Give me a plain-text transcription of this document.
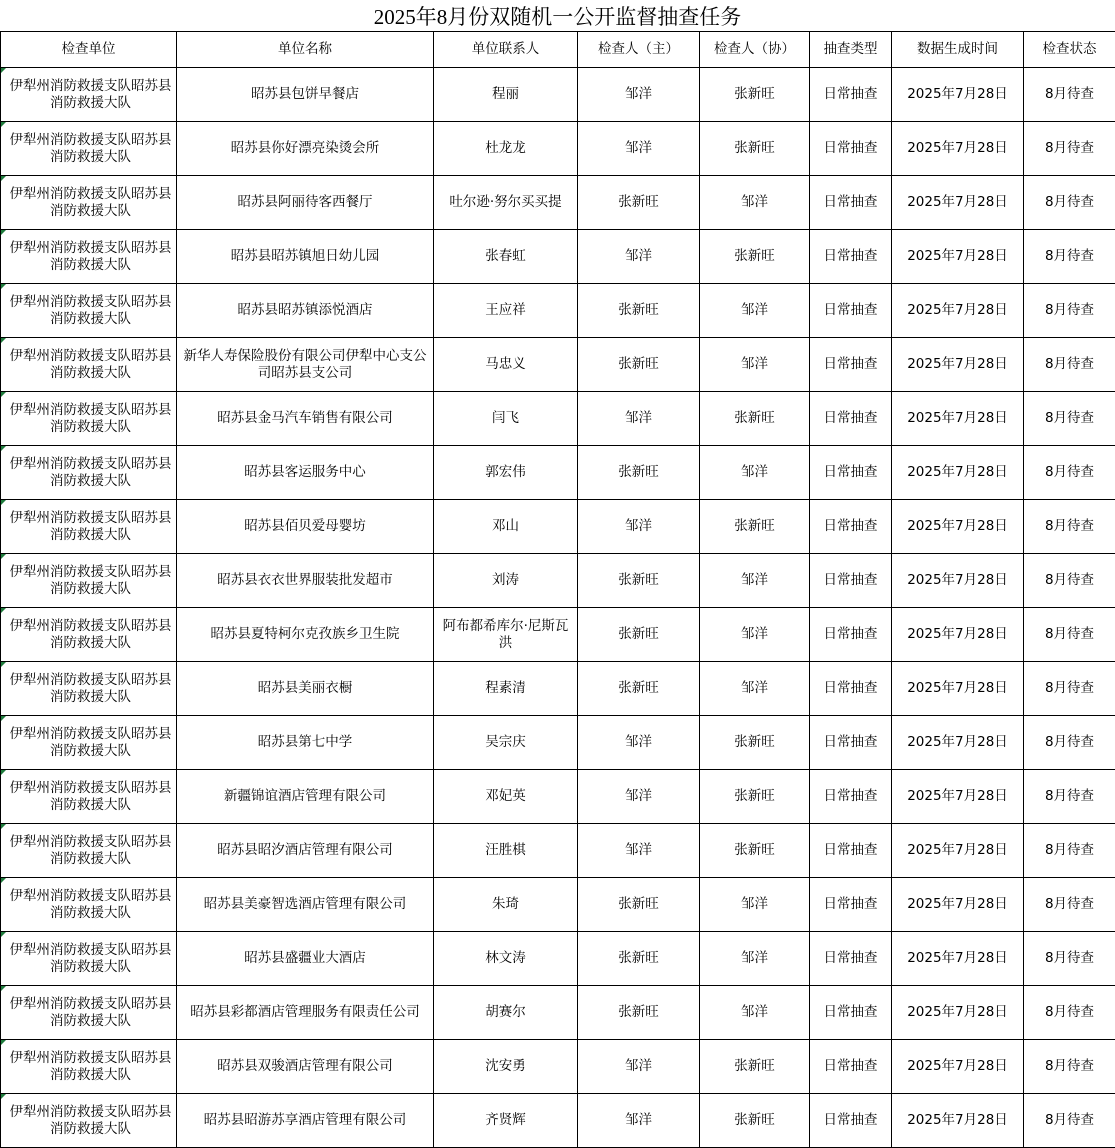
2025年8月份双随机一公开监督抽查任务
检查单位	单位名称	单位联系人	检查人（主）	检查人（协）	抽查类型	数据生成时间	检查状态
伊犁州消防救援支队昭苏县消防救援大队	昭苏县包饼早餐店	程丽	邹洋	张新旺	日常抽查	2025年7月28日	8月待查
伊犁州消防救援支队昭苏县消防救援大队	昭苏县你好漂亮染烫会所	杜龙龙	邹洋	张新旺	日常抽查	2025年7月28日	8月待查
伊犁州消防救援支队昭苏县消防救援大队	昭苏县阿丽待客西餐厅	吐尔逊·努尔买买提	张新旺	邹洋	日常抽查	2025年7月28日	8月待查
伊犁州消防救援支队昭苏县消防救援大队	昭苏县昭苏镇旭日幼儿园	张春虹	邹洋	张新旺	日常抽查	2025年7月28日	8月待查
伊犁州消防救援支队昭苏县消防救援大队	昭苏县昭苏镇添悦酒店	王应祥	张新旺	邹洋	日常抽查	2025年7月28日	8月待查
伊犁州消防救援支队昭苏县消防救援大队	新华人寿保险股份有限公司伊犁中心支公司昭苏县支公司	马忠义	张新旺	邹洋	日常抽查	2025年7月28日	8月待查
伊犁州消防救援支队昭苏县消防救援大队	昭苏县金马汽车销售有限公司	闫飞	邹洋	张新旺	日常抽查	2025年7月28日	8月待查
伊犁州消防救援支队昭苏县消防救援大队	昭苏县客运服务中心	郭宏伟	张新旺	邹洋	日常抽查	2025年7月28日	8月待查
伊犁州消防救援支队昭苏县消防救援大队	昭苏县佰贝爱母婴坊	邓山	邹洋	张新旺	日常抽查	2025年7月28日	8月待查
伊犁州消防救援支队昭苏县消防救援大队	昭苏县衣衣世界服装批发超市	刘涛	张新旺	邹洋	日常抽查	2025年7月28日	8月待查
伊犁州消防救援支队昭苏县消防救援大队	昭苏县夏特柯尔克孜族乡卫生院	阿布都希库尔·尼斯瓦洪	张新旺	邹洋	日常抽查	2025年7月28日	8月待查
伊犁州消防救援支队昭苏县消防救援大队	昭苏县美丽衣橱	程素清	张新旺	邹洋	日常抽查	2025年7月28日	8月待查
伊犁州消防救援支队昭苏县消防救援大队	昭苏县第七中学	吴宗庆	邹洋	张新旺	日常抽查	2025年7月28日	8月待查
伊犁州消防救援支队昭苏县消防救援大队	新疆锦谊酒店管理有限公司	邓妃英	邹洋	张新旺	日常抽查	2025年7月28日	8月待查
伊犁州消防救援支队昭苏县消防救援大队	昭苏县昭汐酒店管理有限公司	汪胜棋	邹洋	张新旺	日常抽查	2025年7月28日	8月待查
伊犁州消防救援支队昭苏县消防救援大队	昭苏县美豪智选酒店管理有限公司	朱琦	张新旺	邹洋	日常抽查	2025年7月28日	8月待查
伊犁州消防救援支队昭苏县消防救援大队	昭苏县盛疆业大酒店	林文涛	张新旺	邹洋	日常抽查	2025年7月28日	8月待查
伊犁州消防救援支队昭苏县消防救援大队	昭苏县彩都酒店管理服务有限责任公司	胡赛尔	张新旺	邹洋	日常抽查	2025年7月28日	8月待查
伊犁州消防救援支队昭苏县消防救援大队	昭苏县双骏酒店管理有限公司	沈安勇	邹洋	张新旺	日常抽查	2025年7月28日	8月待查
伊犁州消防救援支队昭苏县消防救援大队	昭苏县昭游苏享酒店管理有限公司	齐贤辉	邹洋	张新旺	日常抽查	2025年7月28日	8月待查
